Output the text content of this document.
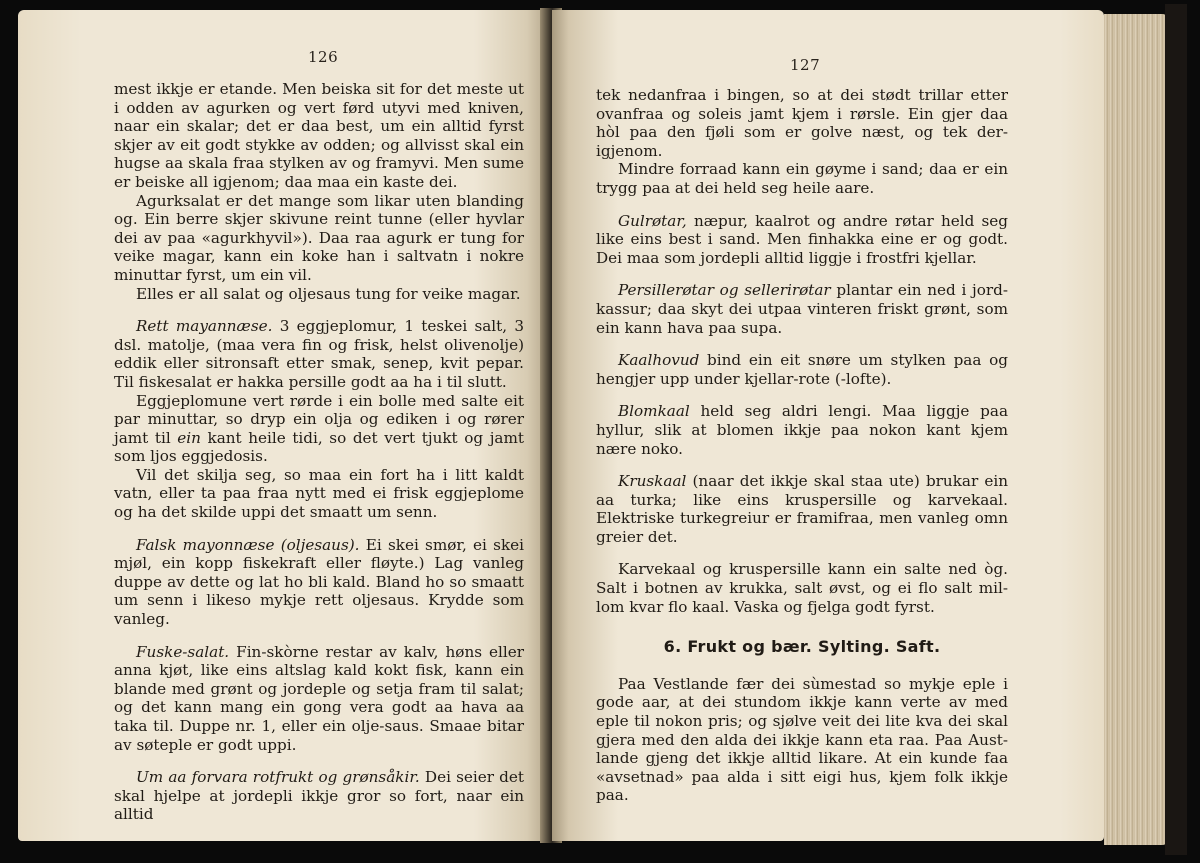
126

mest ikkje er etande. Men beiska sit for det meste ut i odden av agurken og vert førd utyvi med kniven, naar ein skalar; det er daa best, um ein alltid fyrst skjer av eit godt stykke av odden; og allvisst skal ein hugse aa skala fraa stylken av og framyvi. Men sume er beiske all igjenom; daa maa ein kaste dei.

Agurksalat er det mange som likar uten blanding og. Ein berre skjer skivune reint tunne (eller hyvlar dei av paa «agurkhyvil»). Daa raa agurk er tung for veike magar, kann ein koke han i saltvatn i nokre minuttar fyrst, um ein vil.

Elles er all salat og oljesaus tung for veike magar.

Rett mayannæse. 3 eggjeplomur, 1 teskei salt, 3 dsl. matolje, (maa vera fin og frisk, helst olivenolje) eddik eller sitronsaft etter smak, senep, kvit pepar. Til fiskesalat er hakka persille godt aa ha i til slutt.

Eggjeplomune vert rørde i ein bolle med salte eit par minuttar, so dryp ein olja og ediken i og rører jamt til ein kant heile tidi, so det vert tjukt og jamt som ljos eggjedosis.

Vil det skilja seg, so maa ein fort ha i litt kaldt vatn, eller ta paa fraa nytt med ei frisk eggjeplome og ha det skilde uppi det smaatt um senn.

Falsk mayonnæse (oljesaus). Ei skei smør, ei skei mjøl, ein kopp fiskekraft eller fløyte.) Lag vanleg duppe av dette og lat ho bli kald. Bland ho so smaatt um senn i likeso mykje rett oljesaus. Krydde som vanleg.

Fuske-salat. Fin-skòrne restar av kalv, høns eller anna kjøt, like eins altslag kald kokt fisk, kann ein blande med grønt og jordeple og setja fram til salat; og det kann mang ein gong vera godt aa hava aa taka til. Duppe nr. 1, eller ein olje-saus. Smaae bitar av søteple er godt uppi.

Um aa forvara rotfrukt og grønsåkir. Dei seier det skal hjelpe at jordepli ikkje gror so fort, naar ein alltid

127

tek nedanfraa i bingen, so at dei stødt trillar etter ovanfraa og soleis jamt kjem i rørsle. Ein gjer daa hòl paa den fjøli som er golve næst, og tek der-igjenom.

Mindre forraad kann ein gøyme i sand; daa er ein trygg paa at dei held seg heile aare.

Gulrøtar, næpur, kaalrot og andre røtar held seg like eins best i sand. Men finhakka eine er og godt. Dei maa som jordepli alltid liggje i frostfri kjellar.

Persillerøtar og sellerirøtar plantar ein ned i jord-kassur; daa skyt dei utpaa vinteren friskt grønt, som ein kann hava paa supa.

Kaalhovud bind ein eit snøre um stylken paa og hengjer upp under kjellar-rote (-lofte).

Blomkaal held seg aldri lengi. Maa liggje paa hyllur, slik at blomen ikkje paa nokon kant kjem nære noko.

Kruskaal (naar det ikkje skal staa ute) brukar ein aa turka; like eins kruspersille og karvekaal. Elektriske turkegreiur er framifraa, men vanleg omn greier det.

Karvekaal og kruspersille kann ein salte ned òg. Salt i botnen av krukka, salt øvst, og ei flo salt mil-lom kvar flo kaal. Vaska og fjelga godt fyrst.

6. Frukt og bær. Sylting. Saft.

Paa Vestlande fær dei sùmestad so mykje eple i gode aar, at dei stundom ikkje kann verte av med eple til nokon pris; og sjølve veit dei lite kva dei skal gjera med den alda dei ikkje kann eta raa. Paa Aust-lande gjeng det ikkje alltid likare. At ein kunde faa «avsetnad» paa alda i sitt eigi hus, kjem folk ikkje paa.
